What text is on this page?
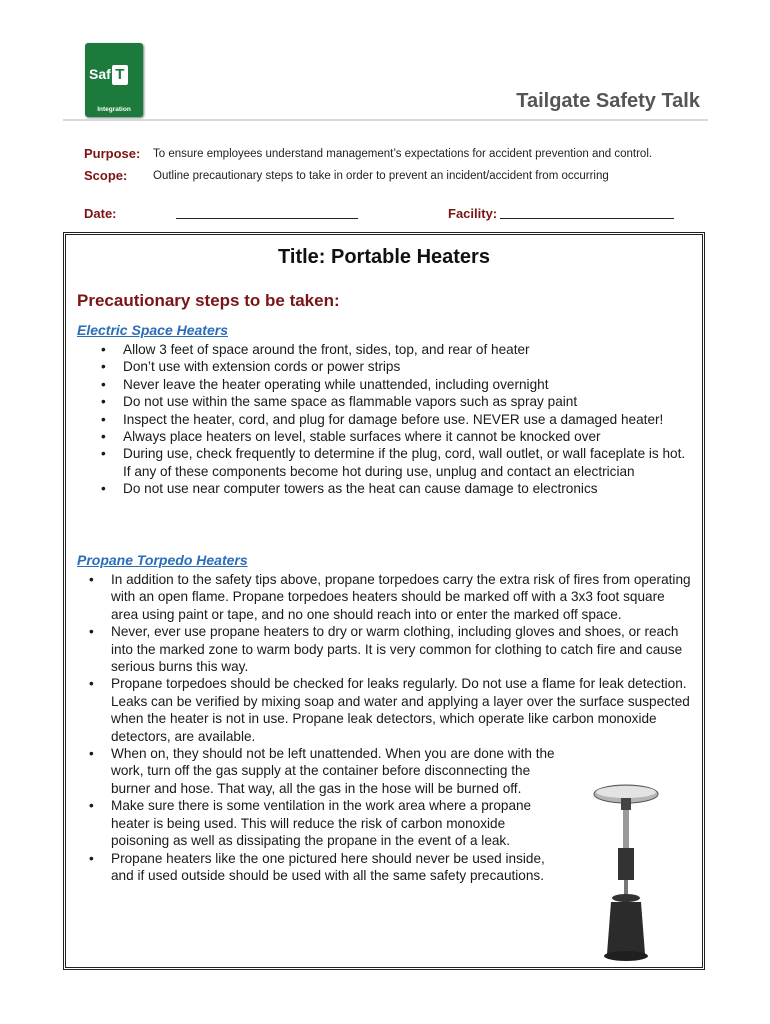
Saf T
Integration	Tailgate Safety Talk
Purpose: To ensure employees understand management’s expectations for accident prevention and control.
Scope: Outline precautionary steps to take in order to prevent an incident/accident from occurring
Date:	Facility:
Title: Portable Heaters
Precautionary steps to be taken:
Electric Space Heaters
• Allow 3 feet of space around the front, sides, top, and rear of heater
• Don’t use with extension cords or power strips
• Never leave the heater operating while unattended, including overnight
• Do not use within the same space as flammable vapors such as spray paint
• Inspect the heater, cord, and plug for damage before use. NEVER use a damaged heater!
• Always place heaters on level, stable surfaces where it cannot be knocked over
• During use, check frequently to determine if the plug, cord, wall outlet, or wall faceplate is hot. If any of these components become hot during use, unplug and contact an electrician
• Do not use near computer towers as the heat can cause damage to electronics
Propane Torpedo Heaters
• In addition to the safety tips above, propane torpedoes carry the extra risk of fires from operating with an open flame. Propane torpedoes heaters should be marked off with a 3x3 foot square area using paint or tape, and no one should reach into or enter the marked off space.
• Never, ever use propane heaters to dry or warm clothing, including gloves and shoes, or reach into the marked zone to warm body parts. It is very common for clothing to catch fire and cause serious burns this way.
• Propane torpedoes should be checked for leaks regularly. Do not use a flame for leak detection. Leaks can be verified by mixing soap and water and applying a layer over the surface suspected when the heater is not in use. Propane leak detectors, which operate like carbon monoxide detectors, are available.
• When on, they should not be left unattended. When you are done with the work, turn off the gas supply at the container before disconnecting the burner and hose. That way, all the gas in the hose will be burned off.
• Make sure there is some ventilation in the work area where a propane heater is being used. This will reduce the risk of carbon monoxide poisoning as well as dissipating the propane in the event of a leak.
• Propane heaters like the one pictured here should never be used inside, and if used outside should be used with all the same safety precautions.
